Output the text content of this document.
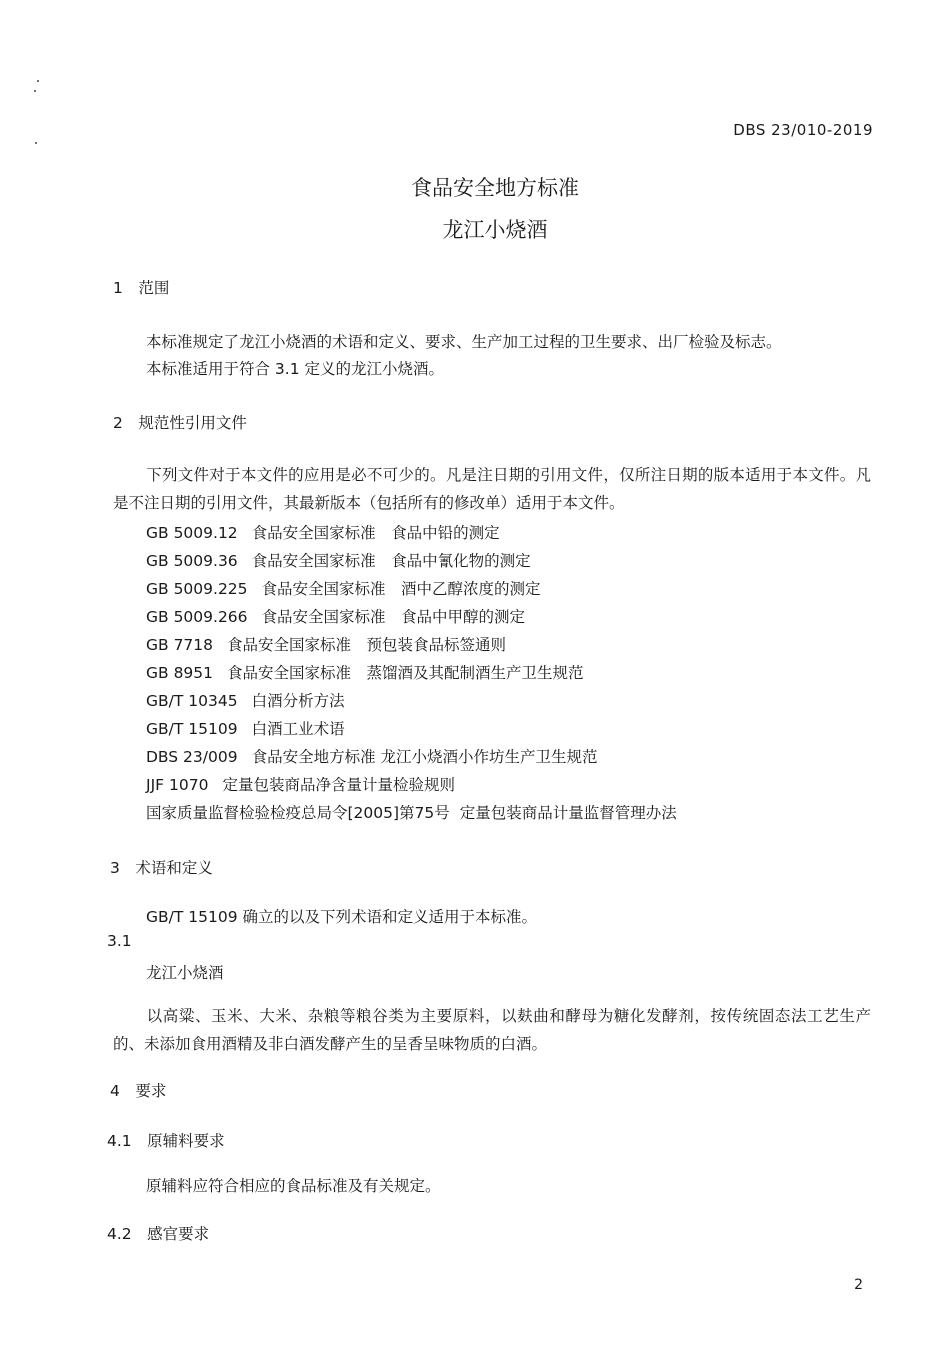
DBS 23/010-2019
食品安全地方标准
龙江小烧酒
1　范围
本标准规定了龙江小烧酒的术语和定义、要求、生产加工过程的卫生要求、出厂检验及标志。
本标准适用于符合 3.1 定义的龙江小烧酒。
2　规范性引用文件
下列文件对于本文件的应用是必不可少的。凡是注日期的引用文件，仅所注日期的版本适用于本文件。凡是不注日期的引用文件，其最新版本（包括所有的修改单）适用于本文件。
GB 5009.12 食品安全国家标准　食品中铅的测定
GB 5009.36 食品安全国家标准　食品中氰化物的测定
GB 5009.225 食品安全国家标准　酒中乙醇浓度的测定
GB 5009.266 食品安全国家标准　食品中甲醇的测定
GB 7718 食品安全国家标准　预包装食品标签通则
GB 8951 食品安全国家标准　蒸馏酒及其配制酒生产卫生规范
GB/T 10345 白酒分析方法
GB/T 15109 白酒工业术语
DBS 23/009 食品安全地方标准 龙江小烧酒小作坊生产卫生规范
JJF 1070 定量包装商品净含量计量检验规则
国家质量监督检验检疫总局令[2005]第75号 定量包装商品计量监督管理办法
3　术语和定义
GB/T 15109 确立的以及下列术语和定义适用于本标准。
3.1
龙江小烧酒
以高粱、玉米、大米、杂粮等粮谷类为主要原料，以麸曲和酵母为糖化发酵剂，按传统固态法工艺生产的、未添加食用酒精及非白酒发酵产生的呈香呈味物质的白酒。
4　要求
4.1　原辅料要求
原辅料应符合相应的食品标准及有关规定。
4.2　感官要求
2
